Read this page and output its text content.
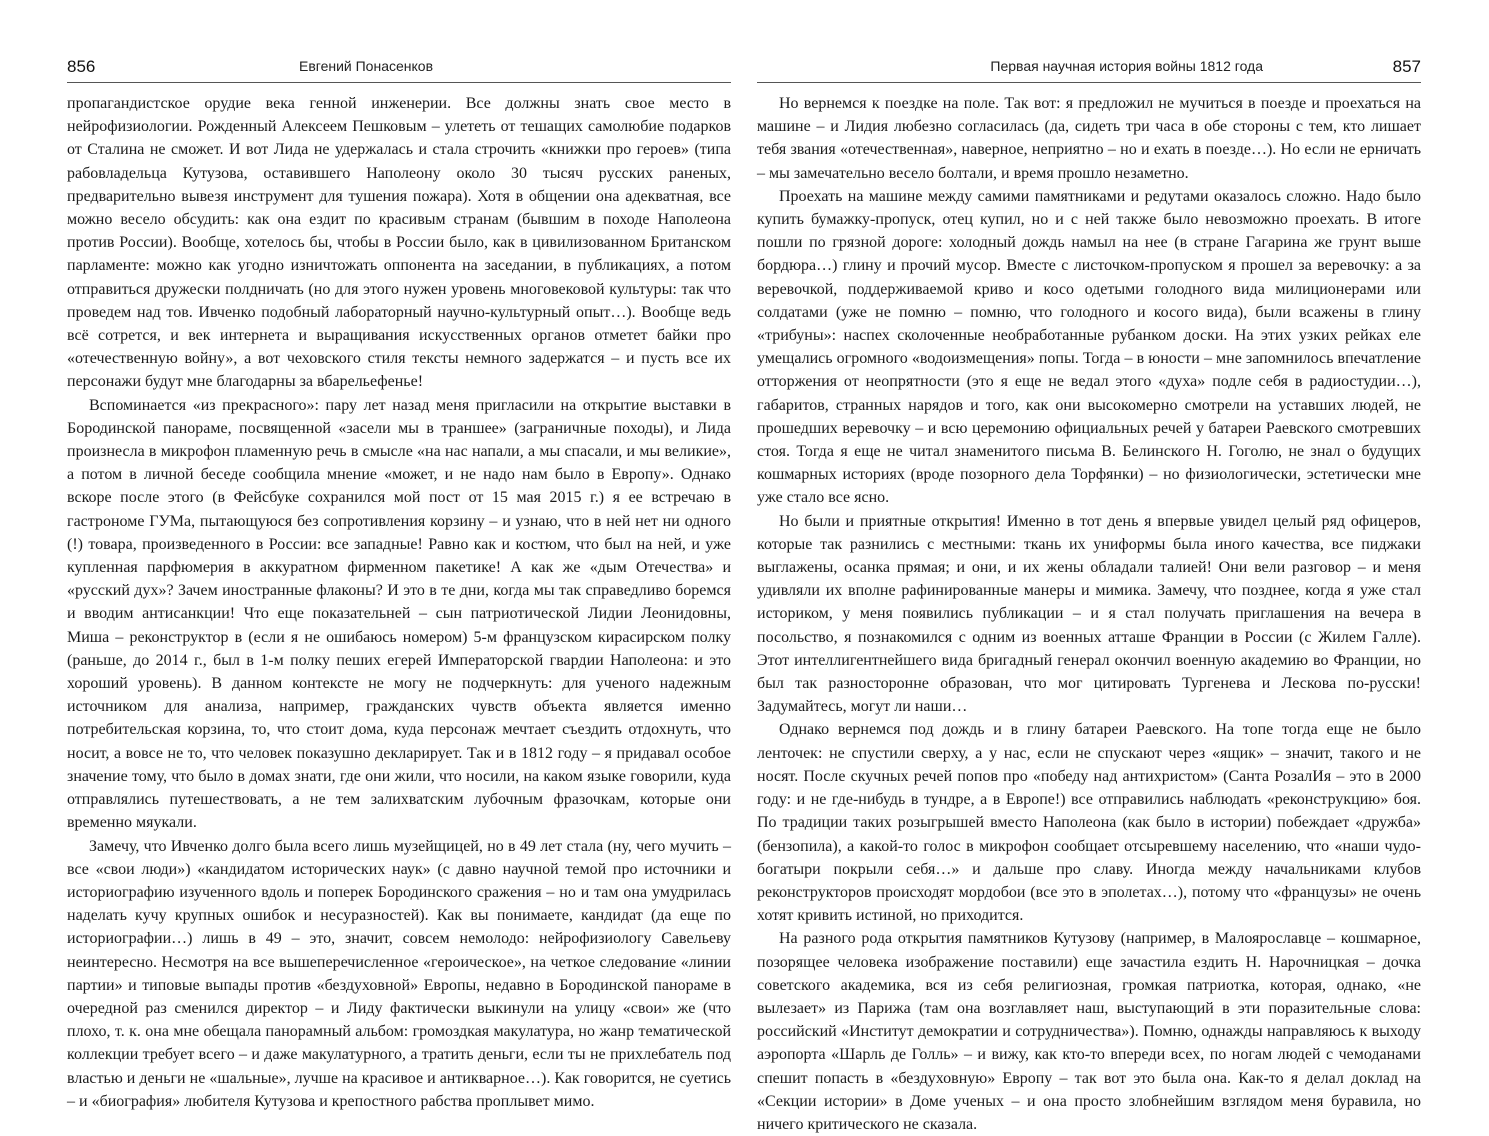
856	Евгений Понасенков

пропагандистское орудие века генной инженерии. Все должны знать свое место в нейрофизиологии. Рожденный Алексеем Пешковым – улететь от тешащих самолюбие подарков от Сталина не сможет. И вот Лида не удержалась и стала строчить «книжки про героев» (типа рабовладельца Кутузова, оставившего Наполеону около 30 тысяч русских раненых, предварительно вывезя инструмент для тушения пожара). Хотя в общении она адекватная, все можно весело обсудить: как она ездит по красивым странам (бывшим в походе Наполеона против России). Вообще, хотелось бы, чтобы в России было, как в цивилизованном Британском парламенте: можно как угодно изничтожать оппонента на заседании, в публикациях, а потом отправиться дружески полдничать (но для этого нужен уровень многовековой культуры: так что проведем над тов. Ивченко подобный лабораторный научно-культурный опыт…). Вообще ведь всё сотрется, и век интернета и выращивания искусственных органов отметет байки про «отечественную войну», а вот чеховского стиля тексты немного задержатся – и пусть все их персонажи будут мне благодарны за вбарельефеньe!

Вспоминается «из прекрасного»: пару лет назад меня пригласили на открытие выставки в Бородинской панораме, посвященной «засели мы в траншее» (заграничные походы), и Лида произнесла в микрофон пламенную речь в смысле «на нас напали, а мы спасали, и мы великие», а потом в личной беседе сообщила мнение «может, и не надо нам было в Европу». Однако вскоре после этого (в Фейсбуке сохранился мой пост от 15 мая 2015 г.) я ее встречаю в гастрономе ГУМа, пытающуюся без сопротивления корзину – и узнаю, что в ней нет ни одного (!) товара, произведенного в России: все западные! Равно как и костюм, что был на ней, и уже купленная парфюмерия в аккуратном фирменном пакетике! А как же «дым Отечества» и «русский дух»? Зачем иностранные флаконы? И это в те дни, когда мы так справедливо боремся и вводим антисанкции! Что еще показательней – сын патриотической Лидии Леонидовны, Миша – реконструктор в (если я не ошибаюсь номером) 5-м французском кирасирском полку (раньше, до 2014 г., был в 1-м полку пеших егерей Императорской гвардии Наполеона: и это хороший уровень). В данном контексте не могу не подчеркнуть: для ученого надежным источником для анализа, например, гражданских чувств объекта является именно потребительская корзина, то, что стоит дома, куда персонаж мечтает съездить отдохнуть, что носит, а вовсе не то, что человек показушно декларирует. Так и в 1812 году – я придавал особое значение тому, что было в домах знати, где они жили, что носили, на каком языке говорили, куда отправлялись путешествовать, а не тем залихватским лубочным фразочкам, которые они временно мяукали.

Замечу, что Ивченко долго была всего лишь музейщицей, но в 49 лет стала (ну, чего мучить – все «свои люди») «кандидатом исторических наук» (с давно научной темой про источники и историографию изученного вдоль и поперек Бородинского сражения – но и там она умудрилась наделать кучу крупных ошибок и несуразностей). Как вы понимаете, кандидат (да еще по историографии…) лишь в 49 – это, значит, совсем немолодо: нейрофизиологу Савельеву неинтересно. Несмотря на все вышеперечисленное «героическое», на четкое следование «линии партии» и типовые выпады против «бездуховной» Европы, недавно в Бородинской панораме в очередной раз сменился директор – и Лиду фактически выкинули на улицу «свои» же (что плохо, т. к. она мне обещала панорамный альбом: громоздкая макулатура, но жанр тематической коллекции требует всего – и даже макулатурного, а тратить деньги, если ты не прихлебатель под властью и деньги не «шальные», лучше на красивое и антикварное…). Как говорится, не суетись – и «биография» любителя Кутузова и крепостного рабства проплывет мимо.

Первая научная история войны 1812 года	857

Но вернемся к поездке на поле. Так вот: я предложил не мучиться в поезде и проехаться на машине – и Лидия любезно согласилась (да, сидеть три часа в обе стороны с тем, кто лишает тебя звания «отечественная», наверное, неприятно – но и ехать в поезде…). Но если не ерничать – мы замечательно весело болтали, и время прошло незаметно.

Проехать на машине между самими памятниками и редутами оказалось сложно. Надо было купить бумажку-пропуск, отец купил, но и с ней также было невозможно проехать. В итоге пошли по грязной дороге: холодный дождь намыл на нее (в стране Гагарина же грунт выше бордюра…) глину и прочий мусор. Вместе с листочком-пропуском я прошел за веревочку: а за веревочкой, поддерживаемой криво и косо одетыми голодного вида милиционерами или солдатами (уже не помню – помню, что голодного и косого вида), были всажены в глину «трибуны»: наспех сколоченные необработанные рубанком доски. На этих узких рейках еле умещались огромного «водоизмещения» попы. Тогда – в юности – мне запомнилось впечатление отторжения от неопрятности (это я еще не ведал этого «духа» подле себя в радиостудии…), габаритов, странных нарядов и того, как они высокомерно смотрели на уставших людей, не прошедших веревочку – и всю церемонию официальных речей у батареи Раевского смотревших стоя. Тогда я еще не читал знаменитого письма В. Белинского Н. Гоголю, не знал о будущих кошмарных историях (вроде позорного дела Торфянки) – но физиологически, эстетически мне уже стало все ясно.

Но были и приятные открытия! Именно в тот день я впервые увидел целый ряд офицеров, которые так разнились с местными: ткань их униформы была иного качества, все пиджаки выглажены, осанка прямая; и они, и их жены обладали талией! Они вели разговор – и меня удивляли их вполне рафинированные манеры и мимика. Замечу, что позднее, когда я уже стал историком, у меня появились публикации – и я стал получать приглашения на вечера в посольство, я познакомился с одним из военных атташе Франции в России (с Жилем Галле). Этот интеллигентнейшего вида бригадный генерал окончил военную академию во Франции, но был так разносторонне образован, что мог цитировать Тургенева и Лескова по-русски! Задумайтесь, могут ли наши…

Однако вернемся под дождь и в глину батареи Раевского. На топе тогда еще не было ленточек: не спустили сверху, а у нас, если не спускают через «ящик» – значит, такого и не носят. После скучных речей попов про «победу над антихристом» (Санта РозалИя – это в 2000 году: и не где-нибудь в тундре, а в Европе!) все отправились наблюдать «реконструкцию» боя. По традиции таких розыгрышей вместо Наполеона (как было в истории) побеждает «дружба» (бензопила), а какой-то голос в микрофон сообщает отсыревшему населению, что «наши чудо-богатыри покрыли себя…» и дальше про славу. Иногда между начальниками клубов реконструкторов происходят мордобои (все это в эполетах…), потому что «французы» не очень хотят кривить истиной, но приходится.

На разного рода открытия памятников Кутузову (например, в Малоярославце – кошмарное, позорящее человека изображение поставили) еще зачастила ездить Н. Нарочницкая – дочка советского академика, вся из себя религиозная, громкая патриотка, которая, однако, «не вылезает» из Парижа (там она возглавляет наш, выступающий в эти поразительные слова: российский «Институт демократии и сотрудничества»). Помню, однажды направляюсь к выходу аэропорта «Шарль де Голль» – и вижу, как кто-то впереди всех, по ногам людей с чемоданами спешит попасть в «бездуховную» Европу – так вот это была она. Как-то я делал доклад на «Секции истории» в Доме ученых – и она просто злобнейшим взглядом меня буравила, но ничего критического не сказала.
